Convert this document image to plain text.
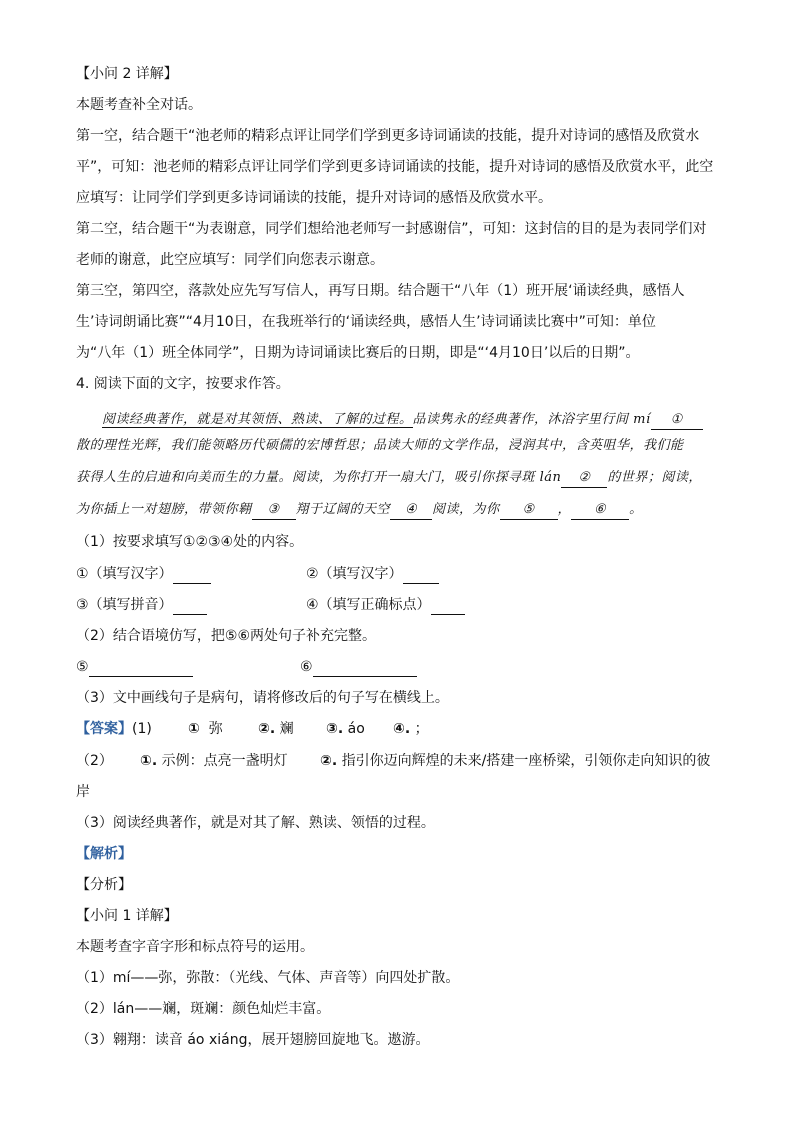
【小问 2 详解】
本题考查补全对话。
第一空，结合题干“池老师的精彩点评让同学们学到更多诗词诵读的技能，提升对诗词的感悟及欣赏水
平”，可知：池老师的精彩点评让同学们学到更多诗词诵读的技能，提升对诗词的感悟及欣赏水平，此空
应填写：让同学们学到更多诗词诵读的技能，提升对诗词的感悟及欣赏水平。
第二空，结合题干“为表谢意，同学们想给池老师写一封感谢信”，可知：这封信的目的是为表同学们对
老师的谢意，此空应填写：同学们向您表示谢意。
第三空，第四空，落款处应先写写信人，再写日期。结合题干“八年（1）班开展‘诵读经典，感悟人
生’诗词朗诵比赛”“4月10日，在我班举行的‘诵读经典，感悟人生’诗词诵读比赛中”可知：单位
为“八年（1）班全体同学”，日期为诗词诵读比赛后的日期，即是“‘4月10日’以后的日期”。
4. 阅读下面的文字，按要求作答。
阅读经典著作，就是对其领悟、熟读、了解的过程。品读隽永的经典著作，沐浴字里行间 mí ①
散的理性光辉，我们能领略历代硕儒的宏博哲思；品读大师的文学作品，浸润其中，含英咀华，我们能
获得人生的启迪和向美而生的力量。阅读，为你打开一扇大门，吸引你探寻斑 lán ② 的世界；阅读，
为你插上一对翅膀，带领你翱 ③ 翔于辽阔的天空 ④ 阅读，为你 ⑤ ， ⑥ 。
（1）按要求填写①②③④处的内容。
①（填写汉字）	②（填写汉字）
③（填写拼音）	④（填写正确标点）
（2）结合语境仿写，把⑤⑥两处句子补充完整。
⑤	⑥
（3）文中画线句子是病句，请将修改后的句子写在横线上。
【答案】(1)	① 弥	②. 斓 ③. áo ④. ；
（2） ①. 示例：点亮一盏明灯 ②. 指引你迈向辉煌的未来/搭建一座桥梁，引领你走向知识的彼
岸
（3）阅读经典著作，就是对其了解、熟读、领悟的过程。
【解析】
【分析】
【小问 1 详解】
本题考查字音字形和标点符号的运用。
（1）mí——弥，弥散：（光线、气体、声音等）向四处扩散。
（2）lán——斓，斑斓：颜色灿烂丰富。
（3）翱翔：读音 áo xiáng，展开翅膀回旋地飞。遨游。
